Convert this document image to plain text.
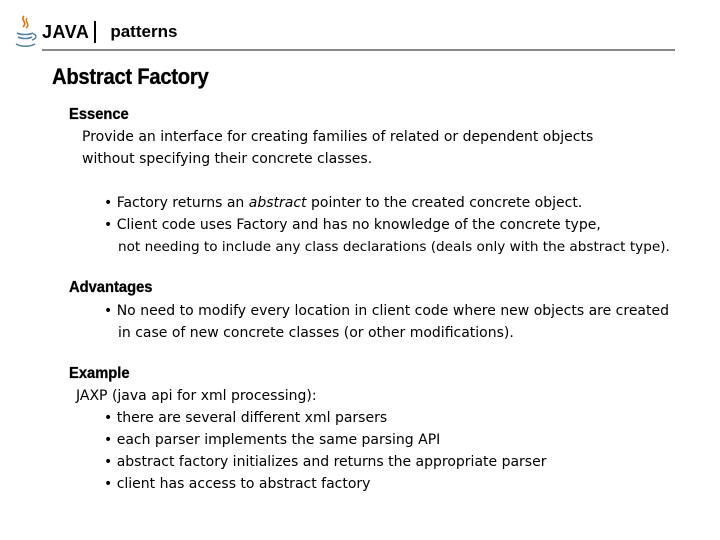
JAVA patterns
Abstract Factory
Essence
Provide an interface for creating families of related or dependent objects
without specifying their concrete classes.
• Factory returns an abstract pointer to the created concrete object.
• Client code uses Factory and has no knowledge of the concrete type,
not needing to include any class declarations (deals only with the abstract type).
Advantages
• No need to modify every location in client code where new objects are created
in case of new concrete classes (or other modifications).
Example
JAXP (java api for xml processing):
• there are several different xml parsers
• each parser implements the same parsing API
• abstract factory initializes and returns the appropriate parser
• client has access to abstract factory
